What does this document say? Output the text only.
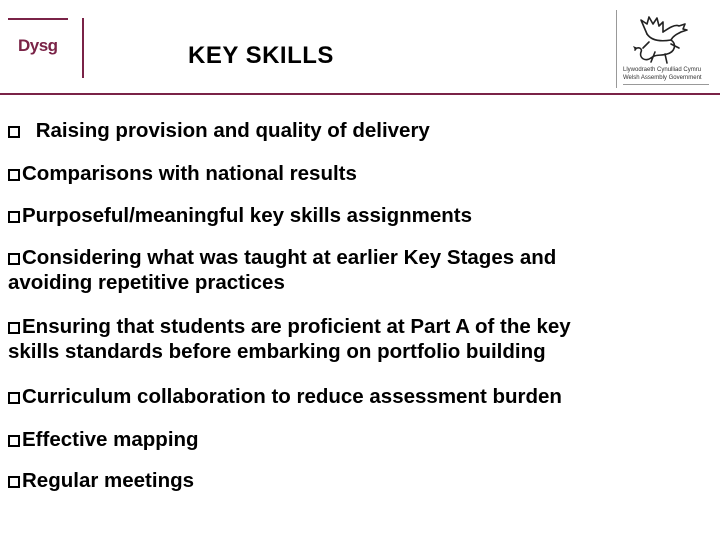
Dysg	KEY SKILLS
Llywodraeth Cynulliad Cymru
Welsh Assembly Government
Raising provision and quality of delivery
Comparisons with national results
Purposeful/meaningful key skills assignments
Considering what was taught at earlier Key Stages and
avoiding repetitive practices
Ensuring that students are proficient at Part A of the key
skills standards before embarking on portfolio building
Curriculum collaboration to reduce assessment burden
Effective mapping
Regular meetings
